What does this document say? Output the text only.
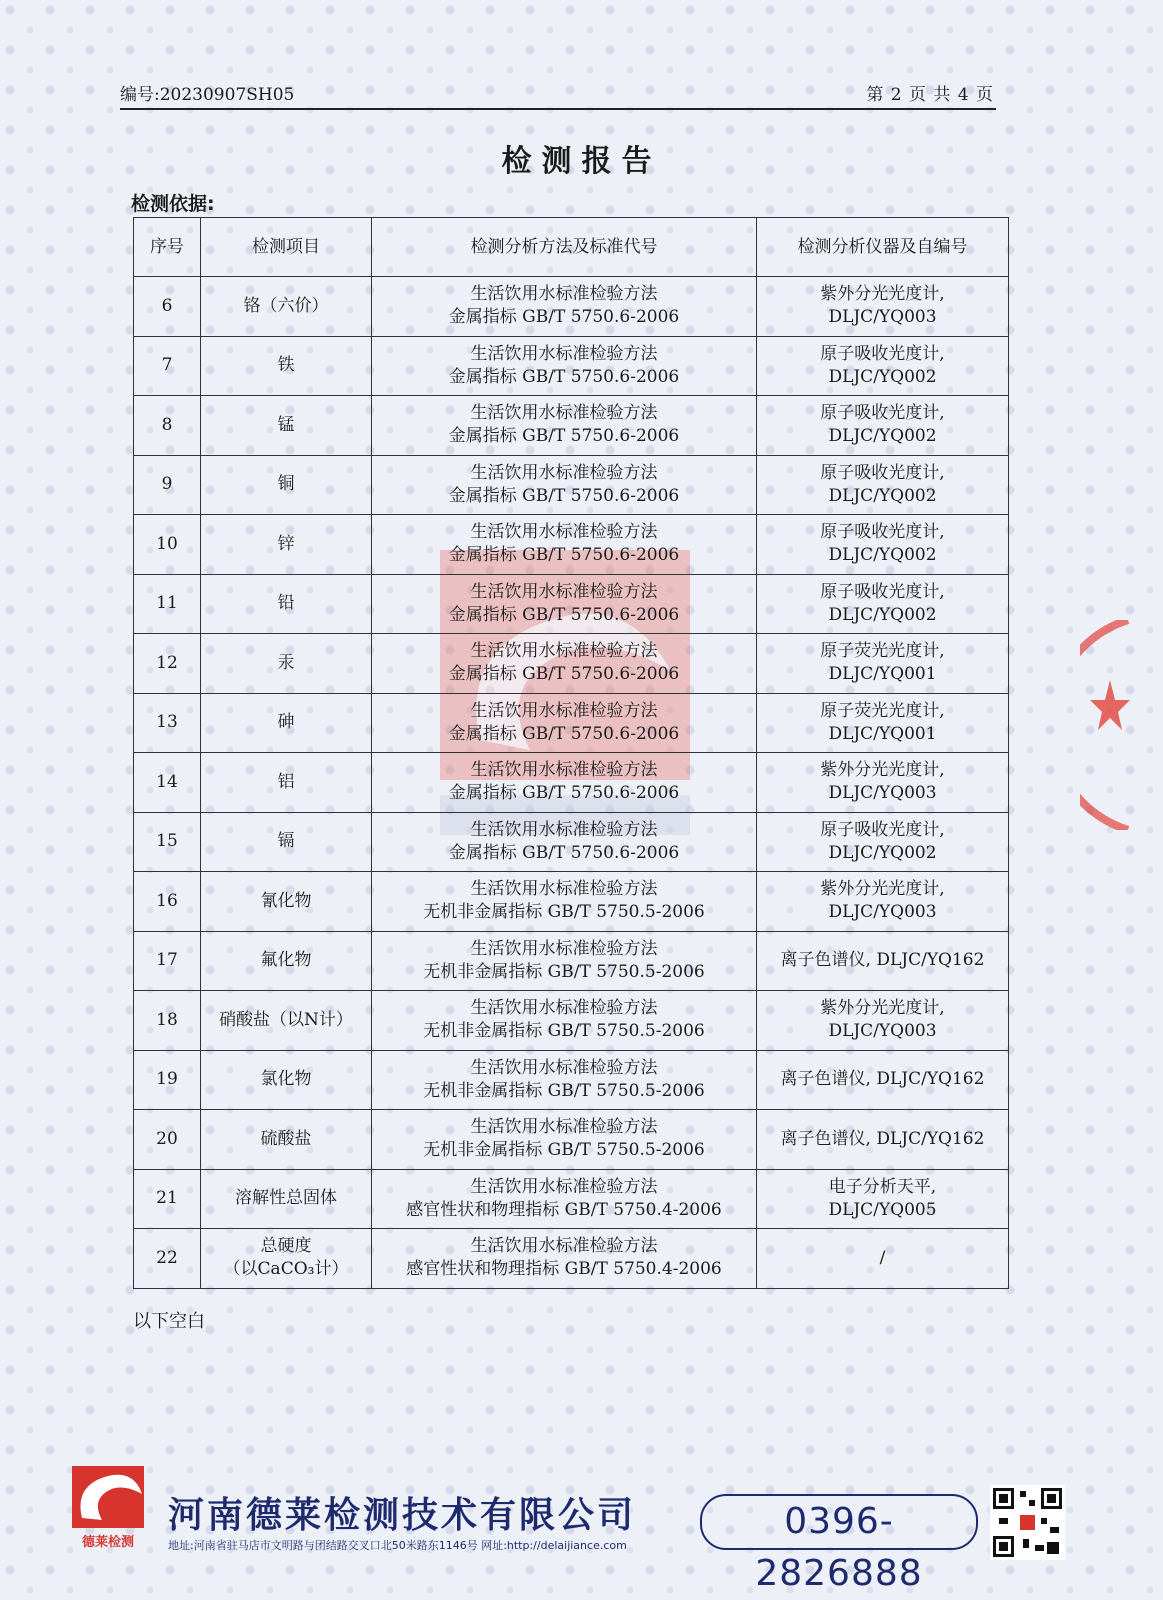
编号:20230907SH05	第 2 页 共 4 页
检测报告
检测依据:
序号	检测项目	检测分析方法及标准代号	检测分析仪器及自编号
6	铬（六价）	生活饮用水标准检验方法
金属指标 GB/T 5750.6-2006	紫外分光光度计,
DLJC/YQ003

7	铁	生活饮用水标准检验方法
金属指标 GB/T 5750.6-2006	原子吸收光度计,
DLJC/YQ002

8	锰	生活饮用水标准检验方法
金属指标 GB/T 5750.6-2006	原子吸收光度计,
DLJC/YQ002

9	铜	生活饮用水标准检验方法
金属指标 GB/T 5750.6-2006	原子吸收光度计,
DLJC/YQ002

10	锌	生活饮用水标准检验方法
金属指标 GB/T 5750.6-2006	原子吸收光度计,
DLJC/YQ002

11	铅	生活饮用水标准检验方法
金属指标 GB/T 5750.6-2006	原子吸收光度计,
DLJC/YQ002

12	汞	生活饮用水标准检验方法
金属指标 GB/T 5750.6-2006	原子荧光光度计,
DLJC/YQ001

13	砷	生活饮用水标准检验方法
金属指标 GB/T 5750.6-2006	原子荧光光度计,
DLJC/YQ001

14	铝	生活饮用水标准检验方法
金属指标 GB/T 5750.6-2006	紫外分光光度计,
DLJC/YQ003

15	镉	生活饮用水标准检验方法
金属指标 GB/T 5750.6-2006	原子吸收光度计,
DLJC/YQ002

16	氰化物	生活饮用水标准检验方法
无机非金属指标 GB/T 5750.5-2006	紫外分光光度计,
DLJC/YQ003

17	氟化物	生活饮用水标准检验方法
无机非金属指标 GB/T 5750.5-2006	离子色谱仪, DLJC/YQ162

18	硝酸盐（以N计）	生活饮用水标准检验方法
无机非金属指标 GB/T 5750.5-2006	紫外分光光度计,
DLJC/YQ003

19	氯化物	生活饮用水标准检验方法
无机非金属指标 GB/T 5750.5-2006	离子色谱仪, DLJC/YQ162

20	硫酸盐	生活饮用水标准检验方法
无机非金属指标 GB/T 5750.5-2006	离子色谱仪, DLJC/YQ162

21	溶解性总固体	生活饮用水标准检验方法
感官性状和物理指标 GB/T 5750.4-2006	电子分析天平,
DLJC/YQ005

22	总硬度
（以CaCO₃计）	生活饮用水标准检验方法
感官性状和物理指标 GB/T 5750.4-2006	/
以下空白
德莱检测
河南德莱检测技术有限公司
地址:河南省驻马店市文明路与团结路交叉口北50米路东1146号 网址:http://delaijiance.com
0396-2826888
